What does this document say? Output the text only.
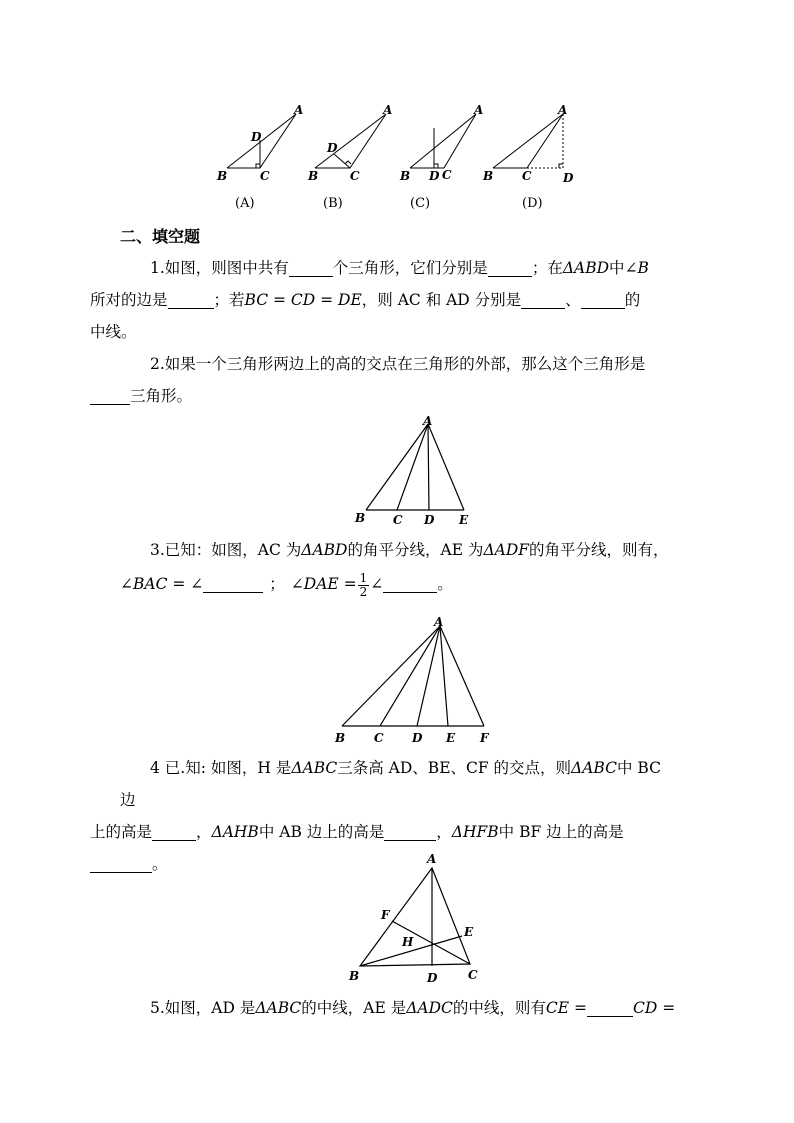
A
B	C
D
A
B	C
D
A
B D C
A
B C	D
(A)	(B)	(C)	(D)
二、填空题
1.如图，则图中共有	个三角形，它们分别是	；在ΔABD中∠B
所对的边是	；若BC = CD = DE，则 AC 和 AD 分别是	、	的
中线。
2.如果一个三角形两边上的高的交点在三角形的外部，那么这个三角形是
三角形。
A
B C D E
3.已知：如图，AC 为ΔABD的角平分线，AE 为ΔADF的角平分线，则有，
∠BAC = ∠	； ∠DAE = $\frac{1}{2}$ ∠	。
A
B C D E F
4 已.知: 如图，H 是ΔABC三条高 AD、BE、CF 的交点，则ΔABC中 BC 边
上的高是	，ΔAHB中 AB 边上的高是	，ΔHFB中 BF 边上的高是
。	A
F
E
H
B	D	C
5.如图，AD 是ΔABC的中线，AE 是ΔADC的中线，则有CE =	CD =
